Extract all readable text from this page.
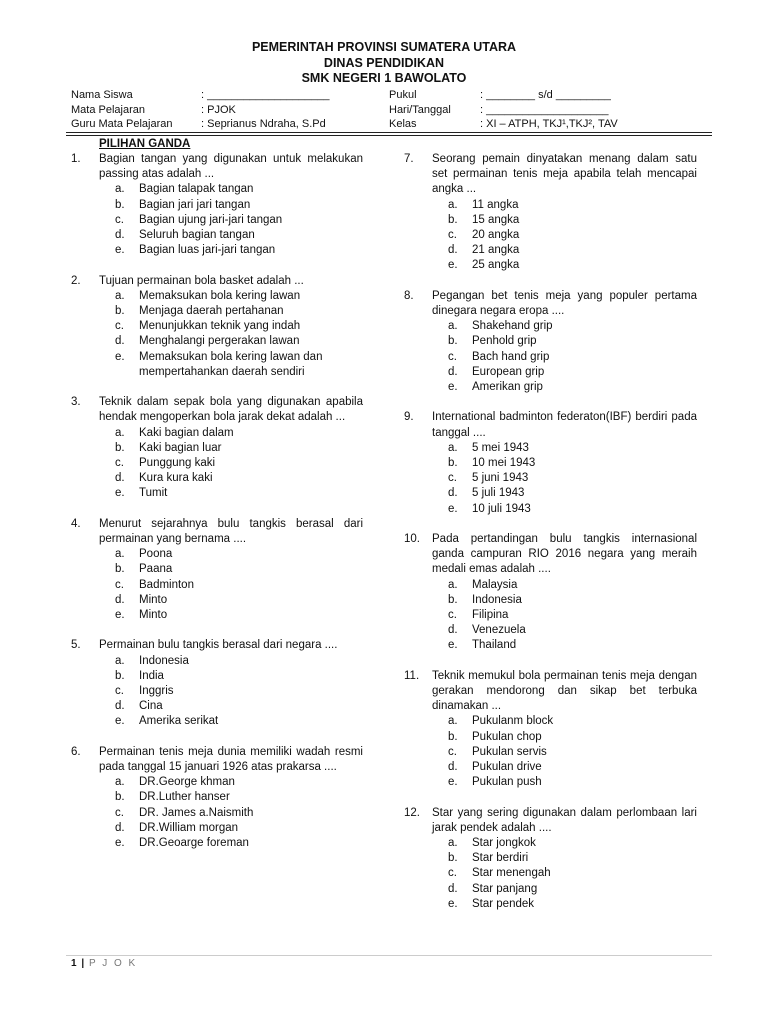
PEMERINTAH PROVINSI SUMATERA UTARA
DINAS PENDIDIKAN
SMK NEGERI 1 BAWOLATO
Nama Siswa	: ____________________	Pukul	: ________ s/d _________
Mata Pelajaran	: PJOK	Hari/Tanggal	: ____________________
Guru Mata Pelajaran	: Seprianus Ndraha, S.Pd	Kelas	: XI – ATPH, TKJ¹,TKJ², TAV
PILIHAN GANDA
1. Bagian tangan yang digunakan untuk melakukan passing atas adalah ...
a. Bagian talapak tangan
b. Bagian jari jari tangan
c. Bagian ujung jari-jari tangan
d. Seluruh bagian tangan
e. Bagian luas jari-jari tangan
2. Tujuan permainan bola basket adalah ...
a. Memaksukan bola kering lawan
b. Menjaga daerah pertahanan
c. Menunjukkan teknik yang indah
d. Menghalangi pergerakan lawan
e. Memaksukan bola kering lawan dan mempertahankan daerah sendiri
3. Teknik dalam sepak bola yang digunakan apabila hendak mengoperkan bola jarak dekat adalah ...
a. Kaki bagian dalam
b. Kaki bagian luar
c. Punggung kaki
d. Kura kura kaki
e. Tumit
4. Menurut sejarahnya bulu tangkis berasal dari permainan yang bernama ....
a. Poona
b. Paana
c. Badminton
d. Minto
e. Minto
5. Permainan bulu tangkis berasal dari negara ....
a. Indonesia
b. India
c. Inggris
d. Cina
e. Amerika serikat
6. Permainan tenis meja dunia memiliki wadah resmi pada tanggal 15 januari 1926 atas prakarsa ....
a. DR.George khman
b. DR.Luther hanser
c. DR. James a.Naismith
d. DR.William morgan
e. DR.Geoarge foreman
7. Seorang pemain dinyatakan menang dalam satu set permainan tenis meja apabila telah mencapai angka ...
a. 11 angka
b. 15 angka
c. 20 angka
d. 21 angka
e. 25 angka
8. Pegangan bet tenis meja yang populer pertama dinegara negara eropa ....
a. Shakehand grip
b. Penhold grip
c. Bach hand grip
d. European grip
e. Amerikan grip
9. International badminton federaton(IBF) berdiri pada tanggal ....
a. 5 mei 1943
b. 10 mei 1943
c. 5 juni 1943
d. 5 juli 1943
e. 10 juli 1943
10. Pada pertandingan bulu tangkis internasional ganda campuran RIO 2016 negara yang meraih medali emas adalah ....
a. Malaysia
b. Indonesia
c. Filipina
d. Venezuela
e. Thailand
11. Teknik memukul bola permainan tenis meja dengan gerakan mendorong dan sikap bet terbuka dinamakan ...
a. Pukulanm block
b. Pukulan chop
c. Pukulan servis
d. Pukulan drive
e. Pukulan push
12. Star yang sering digunakan dalam perlombaan lari jarak pendek adalah ....
a. Star jongkok
b. Star berdiri
c. Star menengah
d. Star panjang
e. Star pendek
1 | P J O K
